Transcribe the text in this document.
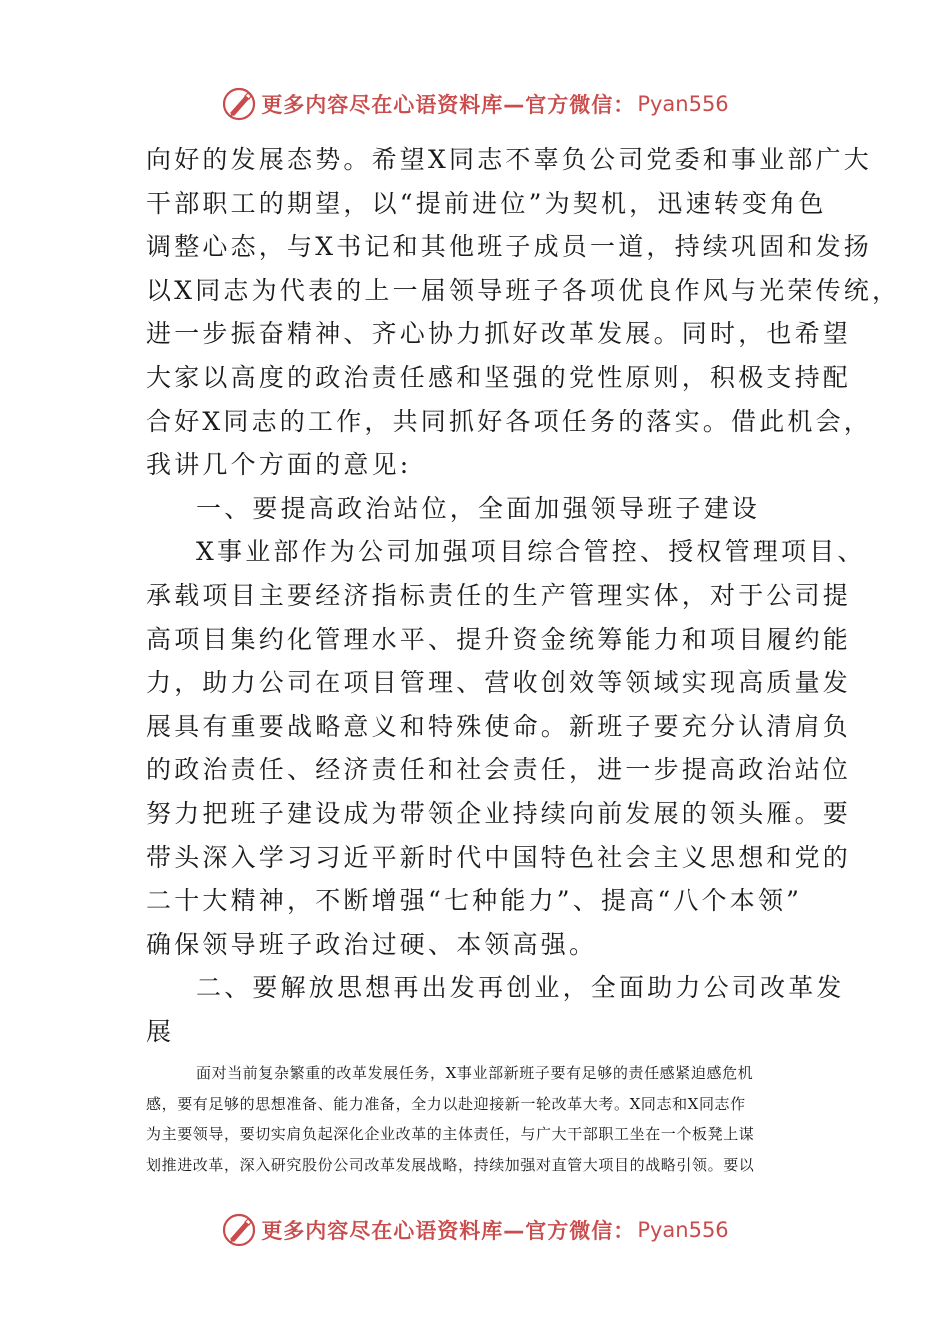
更多内容尽在心语资料库—官方微信： Pyan556
向好的发展态势。希望X同志不辜负公司党委和事业部广大
干部职工的期望，以“提前进位”为契机，迅速转变角色
调整心态，与X书记和其他班子成员一道，持续巩固和发扬
以X同志为代表的上一届领导班子各项优良作风与光荣传统，
进一步振奋精神、齐心协力抓好改革发展。同时，也希望
大家以高度的政治责任感和坚强的党性原则，积极支持配
合好X同志的工作，共同抓好各项任务的落实。借此机会，
我讲几个方面的意见:
一、要提高政治站位，全面加强领导班子建设
X事业部作为公司加强项目综合管控、授权管理项目、
承载项目主要经济指标责任的生产管理实体，对于公司提
高项目集约化管理水平、提升资金统筹能力和项目履约能
力，助力公司在项目管理、营收创效等领域实现高质量发
展具有重要战略意义和特殊使命。新班子要充分认清肩负
的政治责任、经济责任和社会责任，进一步提高政治站位
努力把班子建设成为带领企业持续向前发展的领头雁。要
带头深入学习习近平新时代中国特色社会主义思想和党的
二十大精神，不断增强“七种能力”、提高“八个本领”
确保领导班子政治过硬、本领高强。
二、要解放思想再出发再创业，全面助力公司改革发
展
面对当前复杂繁重的改革发展任务，X事业部新班子要有足够的责任感紧迫感危机
感，要有足够的思想准备、能力准备，全力以赴迎接新一轮改革大考。X同志和X同志作
为主要领导，要切实肩负起深化企业改革的主体责任，与广大干部职工坐在一个板凳上谋
划推进改革，深入研究股份公司改革发展战略，持续加强对直管大项目的战略引领。要以
更多内容尽在心语资料库—官方微信： Pyan556
